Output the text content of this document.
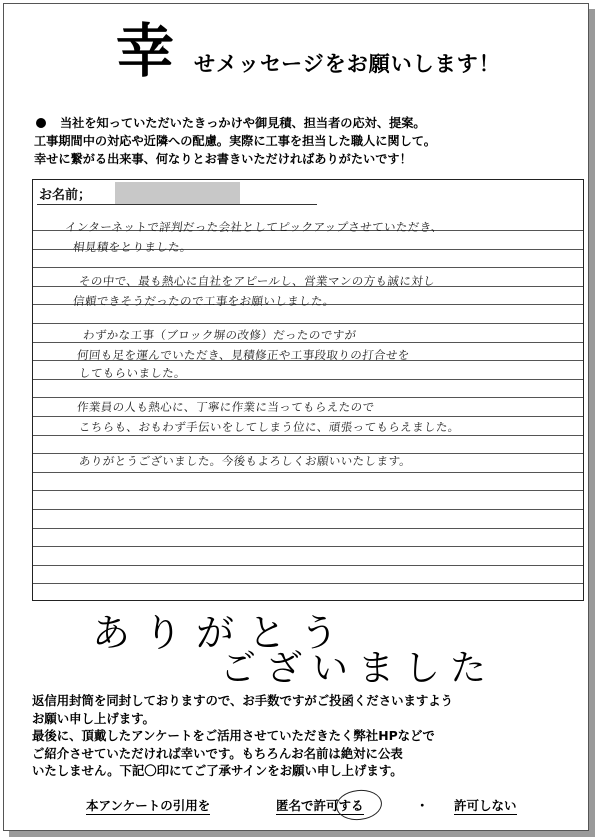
幸 せメッセージをお願いします！
当社を知っていただいたきっかけや御見積、担当者の応対、提案。
工事期間中の対応や近隣への配慮。実際に工事を担当した職人に関して。
幸せに繋がる出来事、何なりとお書きいただければありがたいです！
お名前；
インターネットで評判だった会社としてピックアップさせていただき、
相見積をとりました。
その中で、最も熱心に自社をアピールし、営業マンの方も誠に対し
信頼できそうだったので工事をお願いしました。
わずかな工事（ブロック塀の改修）だったのですが
何回も足を運んでいただき、見積修正や工事段取りの打合せを
してもらいました。
作業員の人も熱心に、丁寧に作業に当ってもらえたので
こちらも、おもわず手伝いをしてしまう位に、頑張ってもらえました。
ありがとうございました。今後もよろしくお願いいたします。
ありがとう
ございました
返信用封筒を同封しておりますので、お手数ですがご投函くださいますよう
お願い申し上げます。
最後に、頂戴したアンケートをご活用させていただきたく弊社HPなどで
ご紹介させていただければ幸いです。もちろんお名前は絶対に公表
いたしません。下記〇印にてご了承サインをお願い申し上げます。
本アンケートの引用を	匿名で許可する	・ 許可しない
